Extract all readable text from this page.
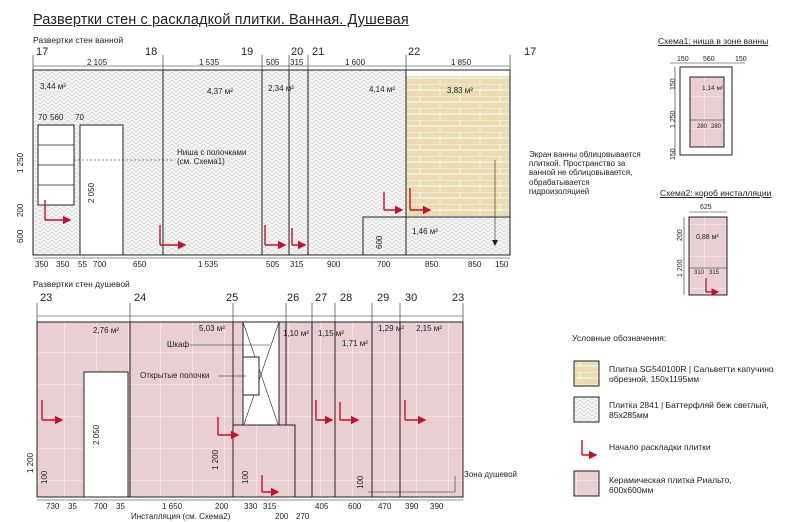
Развертки стен с раскладкой плитки. Ванная. Душевая
Развертки стен ванной
17	18	19	20 21	22	17
2 105	1 535	505 315	1 600	1 850
3,44 м²
4,37 м²	2,34 м²	4,14 м²	3,83 м²
1,46 м²
70 560 70
1 250
200
600
2 050
600
Ниша с полочками (см. Схема1)
Экран ванны облицовывается плиткой. Пространство за ванной не облицовывается, обрабатывается гидроизоляцией
350 350 55 700	650	1 535	505 315	900	700	850	850 150
Развертки стен душевой
23	24	25	26 27 28 29 30	23
2,76 м²	5,03 м²
1,10 м² 1,15 м²
1,71 м²
1,29 м² 2,15 м²
Шкаф
Открытые полочки
Зона душевой
Инсталляция (см. Схема2)
1 200
100
2 050
1 200
100	100
730 35 700 35	1 650	200 330 315
200 270
405 600 470 390 390
Схема1: ниша в зоне ванны
150 560	150
150
1 250
150
1,14 м²
280 280
Схема2: короб инсталляции
625
200
1 200
0,88 м²
310 315
Условные обозначения:
Плитка SG540100R | Сальветти капучино обрезной, 150х1195мм
Плитка 2841 | Баттерфляй беж светлый, 85х285мм
Начало раскладки плитки
Керамическая плитка Риальто, 600х600мм
